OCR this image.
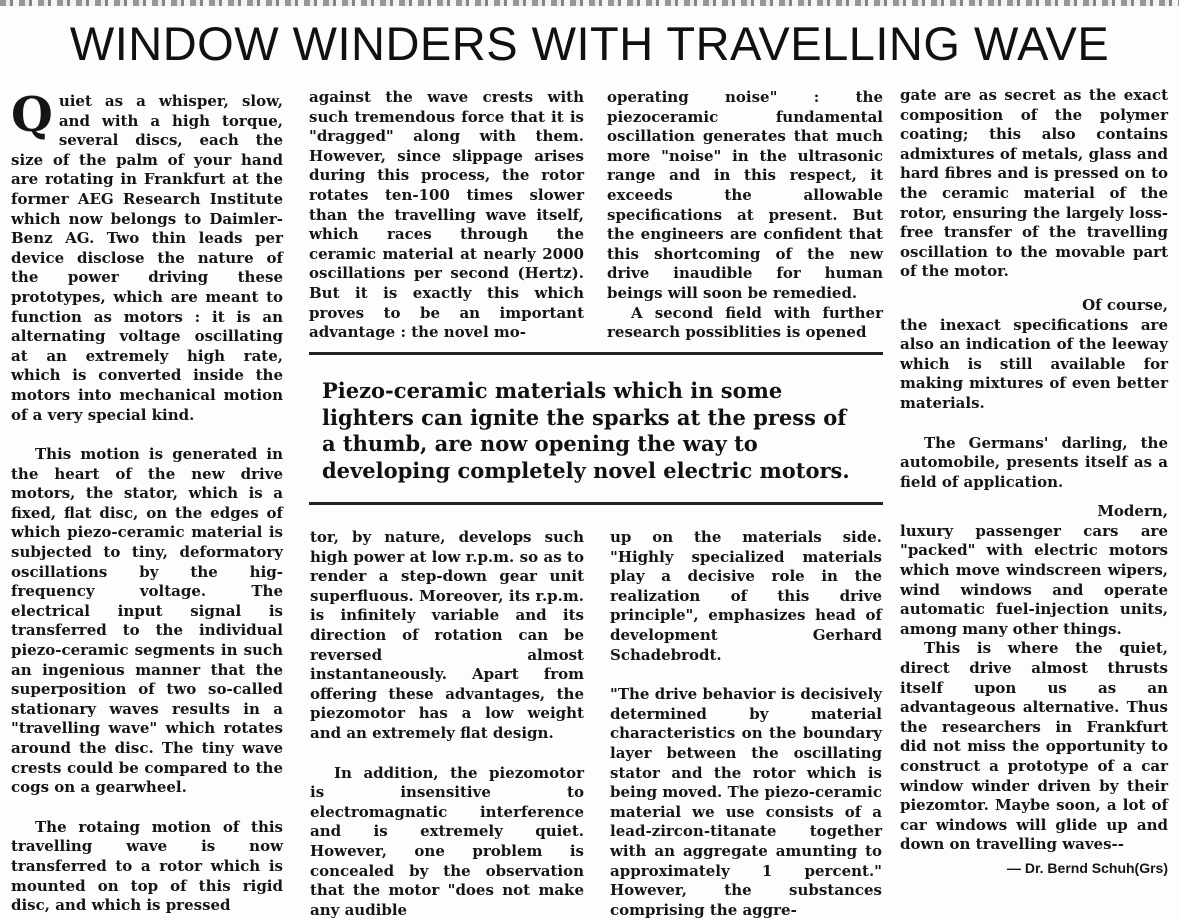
WINDOW WINDERS WITH TRAVELLING WAVE

Quiet as a whisper, slow, and with a high torque, several discs, each the size of the palm of your hand are rotating in Frankfurt at the former AEG Research Institute which now belongs to Daimler-Benz AG. Two thin leads per device disclose the nature of the power driving these prototypes, which are meant to function as motors : it is an alternating voltage oscillating at an extremely high rate, which is converted inside the motors into mechanical motion of a very special kind.

This motion is generated in the heart of the new drive motors, the stator, which is a fixed, flat disc, on the edges of which piezo-ceramic material is subjected to tiny, deformatory oscillations by the hig-frequency voltage. The electrical input signal is transferred to the individual piezo-ceramic segments in such an ingenious manner that the superposition of two so-called stationary waves results in a "travelling wave" which rotates around the disc. The tiny wave crests could be compared to the cogs on a gearwheel.

The rotaing motion of this travelling wave is now transferred to a rotor which is mounted on top of this rigid disc, and which is pressed

against the wave crests with such tremendous force that it is "dragged" along with them. However, since slippage arises during this process, the rotor rotates ten-100 times slower than the travelling wave itself, which races through the ceramic material at nearly 2000 oscillations per second (Hertz). But it is exactly this which proves to be an important advantage : the novel mo-

operating noise" : the piezoceramic fundamental oscillation generates that much more "noise" in the ultrasonic range and in this respect, it exceeds the allowable specifications at present. But the engineers are confident that this shortcoming of the new drive inaudible for human beings will soon be remedied.

A second field with further research possiblities is opened

Piezo-ceramic materials which in some lighters can ignite the sparks at the press of a thumb, are now opening the way to developing completely novel electric motors.

tor, by nature, develops such high power at low r.p.m. so as to render a step-down gear unit superfluous. Moreover, its r.p.m. is infinitely variable and its direction of rotation can be reversed almost instantaneously. Apart from offering these advantages, the piezomotor has a low weight and an extremely flat design.

In addition, the piezomotor is insensitive to electromagnatic interference and is extremely quiet. However, one problem is concealed by the observation that the motor "does not make any audible

up on the materials side. "Highly specialized materials play a decisive role in the realization of this drive principle", emphasizes head of development Gerhard Schadebrodt.

"The drive behavior is decisively determined by material characteristics on the boundary layer between the oscillating stator and the rotor which is being moved. The piezo-ceramic material we use consists of a lead-zircon-titanate together with an aggregate amunting to approximately 1 percent." However, the substances comprising the aggre-

gate are as secret as the exact composition of the polymer coating; this also contains admixtures of metals, glass and hard fibres and is pressed on to the ceramic material of the rotor, ensuring the largely loss-free transfer of the travelling oscillation to the movable part of the motor.

Of course,

the inexact specifications are also an indication of the leeway which is still available for making mixtures of even better materials.

The Germans' darling, the automobile, presents itself as a field of application.

Modern,

luxury passenger cars are "packed" with electric motors which move windscreen wipers, wind windows and operate automatic fuel-injection units, among many other things.

This is where the quiet, direct drive almost thrusts itself upon us as an advantageous alternative. Thus the researchers in Frankfurt did not miss the opportunity to construct a prototype of a car window winder driven by their piezomtor. Maybe soon, a lot of car windows will glide up and down on travelling waves--

— Dr. Bernd Schuh(Grs)
